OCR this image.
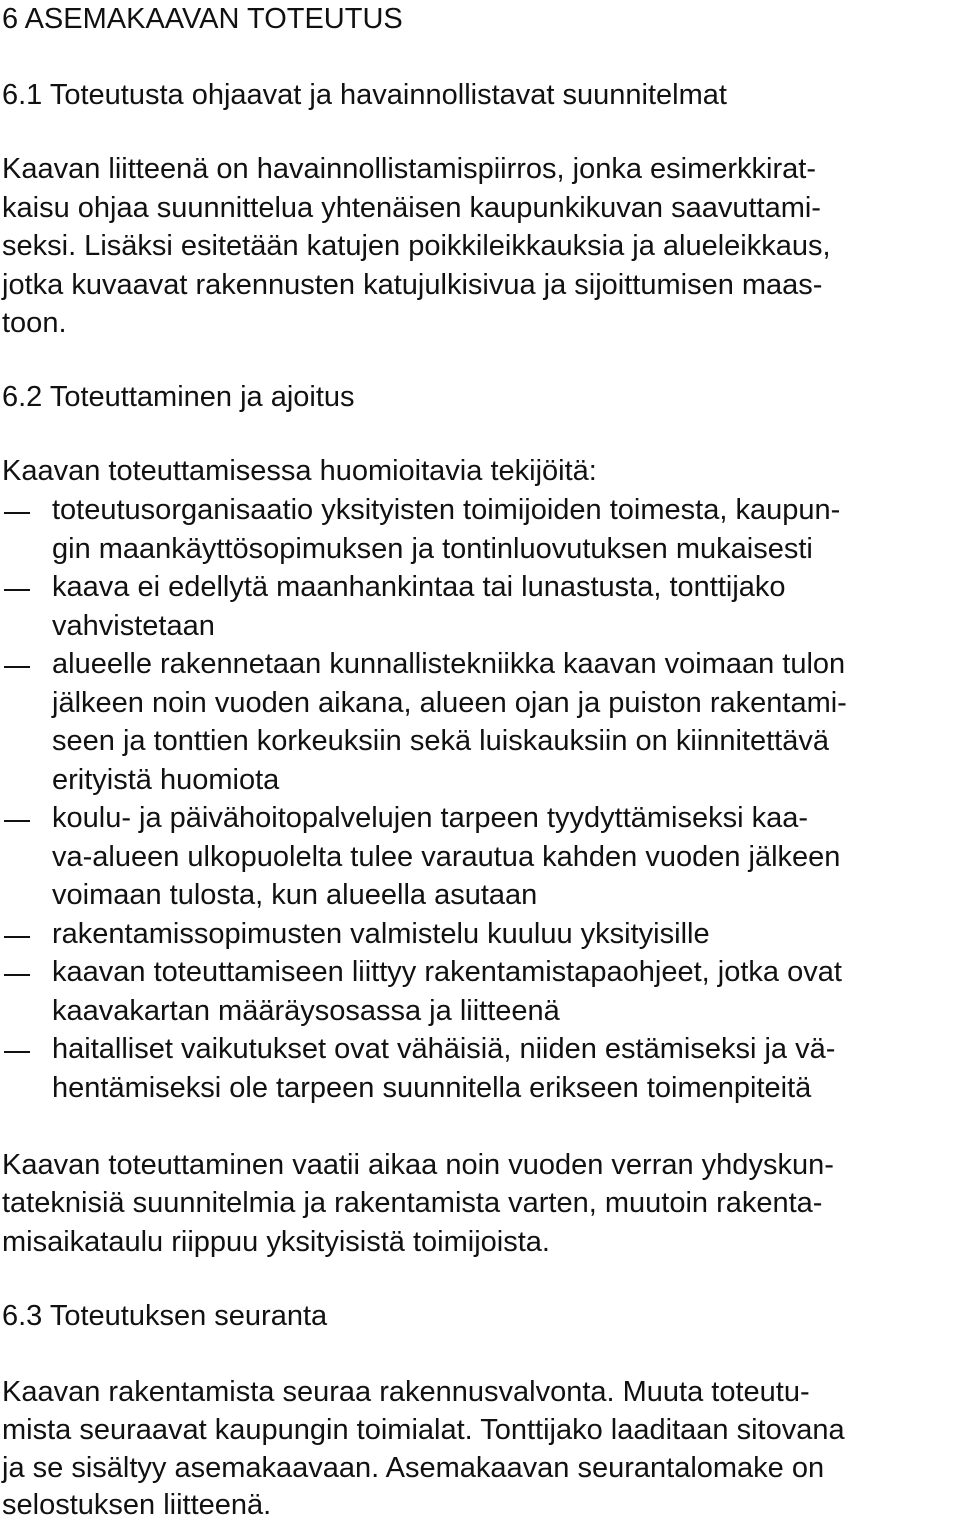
6 ASEMAKAAVAN TOTEUTUS

6.1 Toteutusta ohjaavat ja havainnollistavat suunnitelmat

Kaavan liitteenä on havainnollistamispiirros, jonka esimerkkirat-

kaisu ohjaa suunnittelua yhtenäisen kaupunkikuvan saavuttami-

seksi. Lisäksi esitetään katujen poikkileikkauksia ja alueleikkaus,

jotka kuvaavat rakennusten katujulkisivua ja sijoittumisen maas-

toon.

6.2 Toteuttaminen ja ajoitus

Kaavan toteuttamisessa huomioitavia tekijöitä:

toteutusorganisaatio yksityisten toimijoiden toimesta, kaupun-

gin maankäyttösopimuksen ja tontinluovutuksen mukaisesti

kaava ei edellytä maanhankintaa tai lunastusta, tonttijako

vahvistetaan

alueelle rakennetaan kunnallistekniikka kaavan voimaan tulon

jälkeen noin vuoden aikana, alueen ojan ja puiston rakentami-

seen ja tonttien korkeuksiin sekä luiskauksiin on kiinnitettävä

erityistä huomiota

koulu- ja päivähoitopalvelujen tarpeen tyydyttämiseksi kaa-

va-alueen ulkopuolelta tulee varautua kahden vuoden jälkeen

voimaan tulosta, kun alueella asutaan

rakentamissopimusten valmistelu kuuluu yksityisille

kaavan toteuttamiseen liittyy rakentamistapaohjeet, jotka ovat

kaavakartan määräysosassa ja liitteenä

haitalliset vaikutukset ovat vähäisiä, niiden estämiseksi ja vä-

hentämiseksi ole tarpeen suunnitella erikseen toimenpiteitä

Kaavan toteuttaminen vaatii aikaa noin vuoden verran yhdyskun-

tateknisiä suunnitelmia ja rakentamista varten, muutoin rakenta-

misaikataulu riippuu yksityisistä toimijoista.

6.3 Toteutuksen seuranta

Kaavan rakentamista seuraa rakennusvalvonta. Muuta toteutu-

mista seuraavat kaupungin toimialat. Tonttijako laaditaan sitovana

ja se sisältyy asemakaavaan. Asemakaavan seurantalomake on

selostuksen liitteenä.
